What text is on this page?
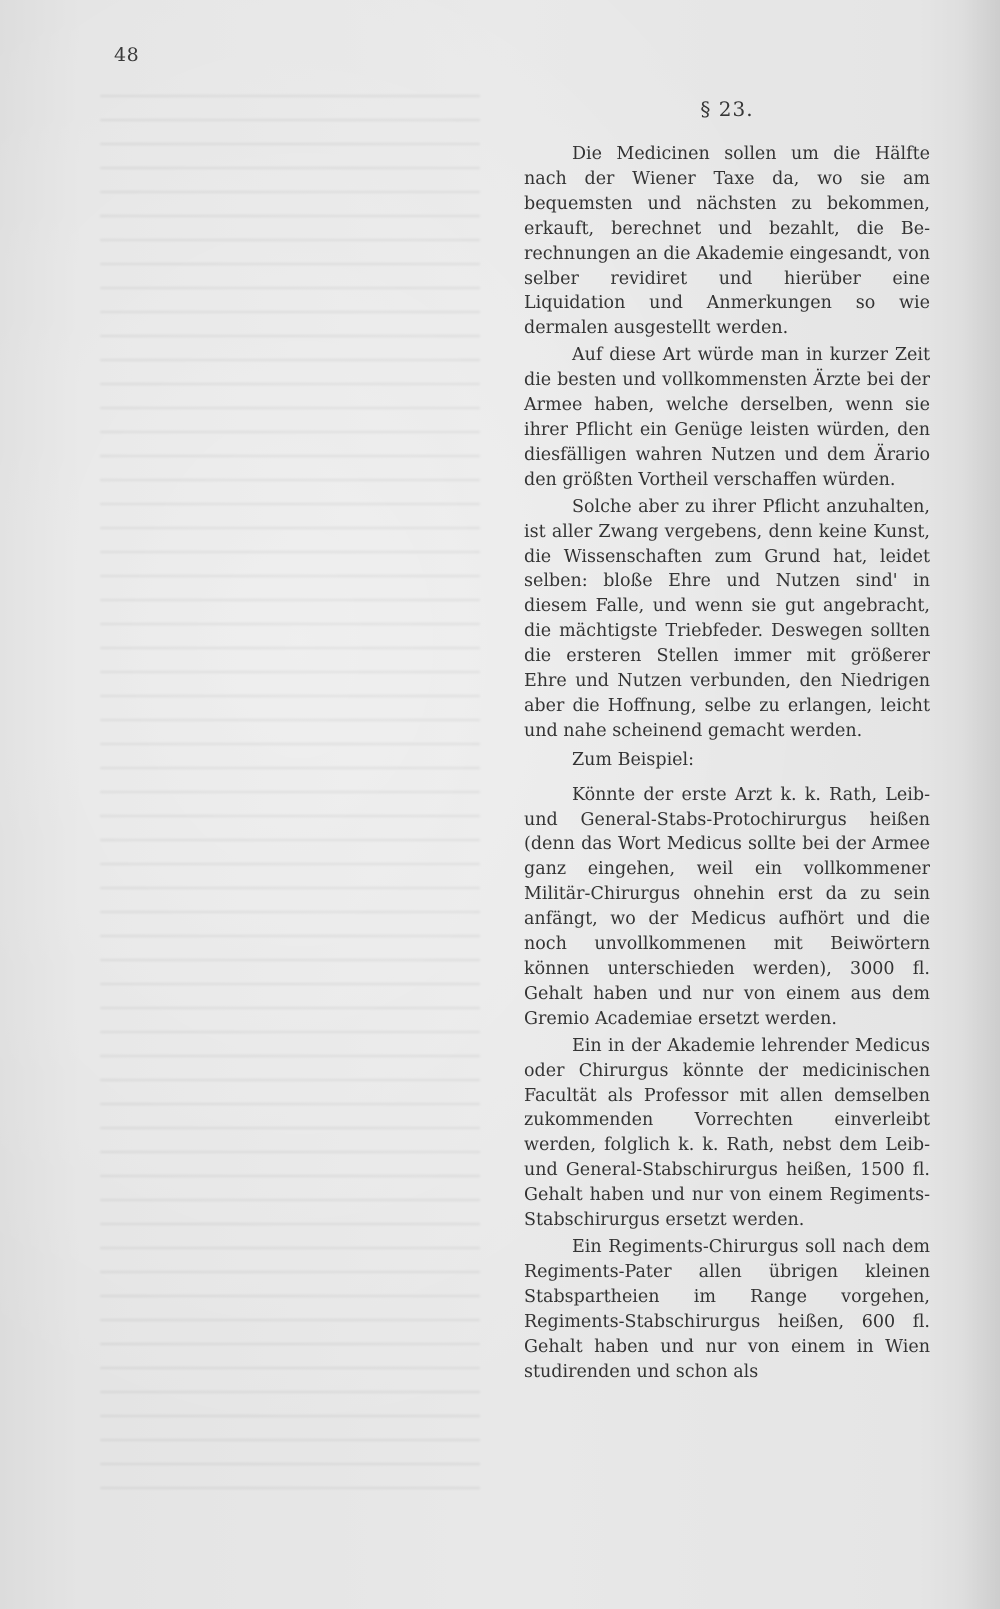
48
§ 23.

Die Medicinen sollen um die Hälfte nach der Wiener Taxe da, wo sie am bequemsten und nächsten zu bekommen, erkauft, berechnet und bezahlt, die Berechnungen an die Akademie eingesandt, von selber revidiret und hierüber eine Liquidation und Anmerkungen so wie dermalen ausgestellt werden.

Auf diese Art würde man in kurzer Zeit die besten und vollkommensten Ärzte bei der Armee haben, welche derselben, wenn sie ihrer Pflicht ein Genüge leisten würden, den diesfälligen wahren Nutzen und dem Ärario den größten Vortheil verschaffen würden.

Solche aber zu ihrer Pflicht anzuhalten, ist aller Zwang vergebens, denn keine Kunst, die Wissenschaften zum Grund hat, leidet selben: bloße Ehre und Nutzen sind' in diesem Falle, und wenn sie gut angebracht, die mächtigste Triebfeder. Deswegen sollten die ersteren Stellen immer mit größerer Ehre und Nutzen verbunden, den Niedrigen aber die Hoffnung, selbe zu erlangen, leicht und nahe scheinend gemacht werden.

Zum Beispiel:

Könnte der erste Arzt k. k. Rath, Leib- und General-Stabs-Protochirurgus heißen (denn das Wort Medicus sollte bei der Armee ganz eingehen, weil ein vollkommener Militär-Chirurgus ohnehin erst da zu sein anfängt, wo der Medicus aufhört und die noch unvollkommenen mit Beiwörtern können unterschieden werden), 3000 fl. Gehalt haben und nur von einem aus dem Gremio Academiae ersetzt werden.

Ein in der Akademie lehrender Medicus oder Chirurgus könnte der medicinischen Facultät als Professor mit allen demselben zukommenden Vorrechten einverleibt werden, folglich k. k. Rath, nebst dem Leib- und General-Stabschirurgus heißen, 1500 fl. Gehalt haben und nur von einem Regiments-Stabschirurgus ersetzt werden.

Ein Regiments-Chirurgus soll nach dem Regiments-Pater allen übrigen kleinen Stabspartheien im Range vorgehen, Regiments-Stabschirurgus heißen, 600 fl. Gehalt haben und nur von einem in Wien studirenden und schon als
